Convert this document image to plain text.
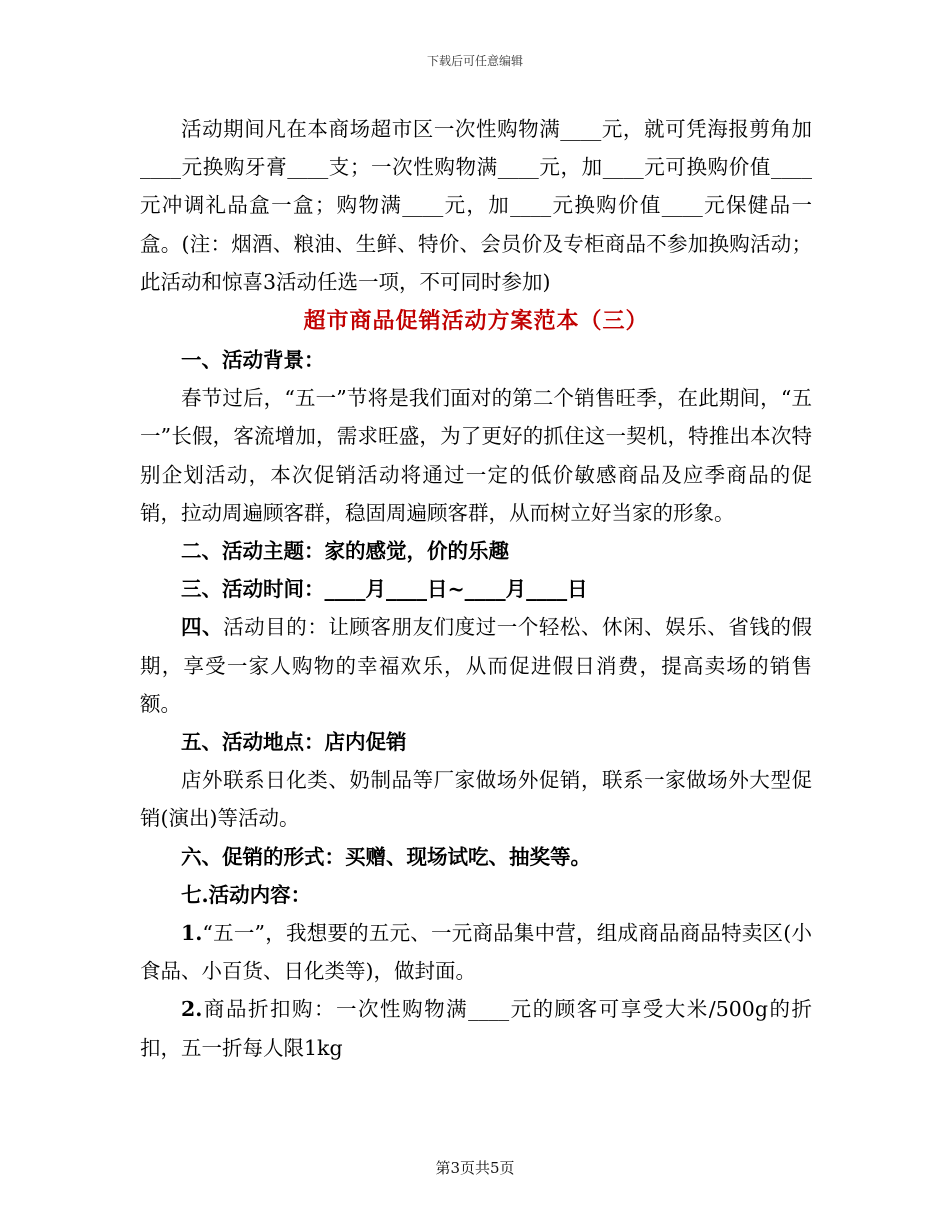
下载后可任意编辑

活动期间凡在本商场超市区一次性购物满____元，就可凭海报剪角加____元换购牙膏____支；一次性购物满____元，加____元可换购价值____元冲调礼品盒一盒；购物满____元，加____元换购价值____元保健品一盒。(注：烟酒、粮油、生鲜、特价、会员价及专柜商品不参加换购活动；此活动和惊喜3活动任选一项，不可同时参加)

超市商品促销活动方案范本（三）

一、活动背景：

春节过后，“五一”节将是我们面对的第二个销售旺季，在此期间，“五一”长假，客流增加，需求旺盛，为了更好的抓住这一契机，特推出本次特别企划活动，本次促销活动将通过一定的低价敏感商品及应季商品的促销，拉动周遍顾客群，稳固周遍顾客群，从而树立好当家的形象。

二、活动主题：家的感觉，价的乐趣

三、活动时间：____月____日~____月____日

四、活动目的：让顾客朋友们度过一个轻松、休闲、娱乐、省钱的假期，享受一家人购物的幸福欢乐，从而促进假日消费，提高卖场的销售额。

五、活动地点：店内促销

店外联系日化类、奶制品等厂家做场外促销，联系一家做场外大型促销(演出)等活动。

六、促销的形式：买赠、现场试吃、抽奖等。

七.活动内容：

1.“五一”，我想要的五元、一元商品集中营，组成商品商品特卖区(小食品、小百货、日化类等)，做封面。

2.商品折扣购：一次性购物满____元的顾客可享受大米/500g的折扣，五一折每人限1kg

第3页共5页
